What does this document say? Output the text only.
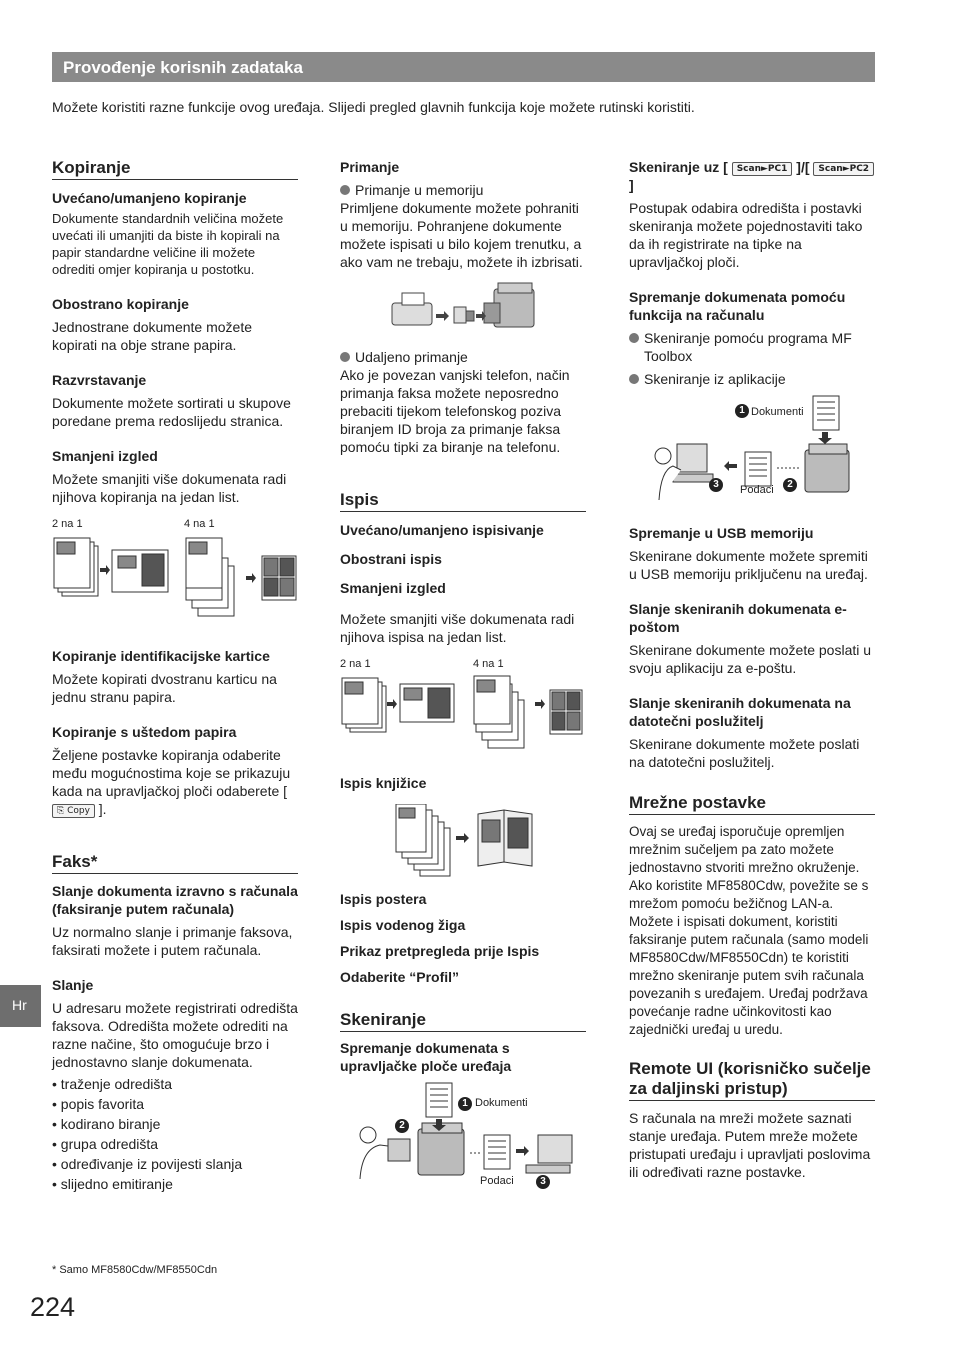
Provođenje korisnih zadataka
Možete koristiti razne funkcije ovog uređaja. Slijedi pregled glavnih funkcija koje možete rutinski koristiti.
Kopiranje
Uvećano/umanjeno kopiranje
Dokumente standardnih veličina možete uvećati ili umanjiti da biste ih kopirali na papir standardne veličine ili možete odrediti omjer kopiranja u postotku.
Obostrano kopiranje
Jednostrane dokumente možete kopirati na obje strane papira.
Razvrstavanje
Dokumente možete sortirati u skupove poredane prema redoslijedu stranica.
Smanjeni izgled
Možete smanjiti više dokumenata radi njihova kopiranja na jedan list.
2 na 1	4 na 1
Kopiranje identifikacijske kartice
Možete kopirati dvostranu karticu na jednu stranu papira.
Kopiranje s uštedom papira
Željene postavke kopiranja odaberite među mogućnostima koje se prikazuju kada na upravljačkoj ploči odaberete [ ⎘ Copy ].
Faks*
Slanje dokumenta izravno s računala (faksiranje putem računala)
Uz normalno slanje i primanje faksova, faksirati možete i putem računala.
Slanje
U adresaru možete registrirati odredišta faksova. Odredišta možete odrediti na razne načine, što omogućuje brzo i jednostavno slanje dokumenata.
• traženje odredišta
• popis favorita
• kodirano biranje
• grupa odredišta
• određivanje iz povijesti slanja
• slijedno emitiranje
Primanje
Primanje u memoriju
Primljene dokumente možete pohraniti u memoriju. Pohranjene dokumente možete ispisati u bilo kojem trenutku, a ako vam ne trebaju, možete ih izbrisati.
Udaljeno primanje
Ako je povezan vanjski telefon, način primanja faksa možete neposredno prebaciti tijekom telefonskog poziva biranjem ID broja za primanje faksa pomoću tipki za biranje na telefonu.
Ispis
Uvećano/umanjeno ispisivanje
Obostrani ispis
Smanjeni izgled
Možete smanjiti više dokumenata radi njihova ispisa na jedan list.
2 na 1	4 na 1
Ispis knjižice
Ispis postera
Ispis vodenog žiga
Prikaz pretpregleda prije Ispis
Odaberite “Profil”
Skeniranje
Spremanje dokumenata s upravljačke ploče uređaja
1 Dokumenti
2
Podaci	3
Skeniranje uz [ Scan►PC1 ]/[ Scan►PC2 ]
Postupak odabira odredišta i postavki skeniranja možete pojednostaviti tako da ih registrirate na tipke na upravljačkoj ploči.
Spremanje dokumenata pomoću funkcija na računalu
Skeniranje pomoću programa MF Toolbox
Skeniranje iz aplikacije
1 Dokumenti
2
3	Podaci
Spremanje u USB memoriju
Skenirane dokumente možete spremiti u USB memoriju priključenu na uređaj.
Slanje skeniranih dokumenata e-poštom
Skenirane dokumente možete poslati u svoju aplikaciju za e-poštu.
Slanje skeniranih dokumenata na datotečni poslužitelj
Skenirane dokumente možete poslati na datotečni poslužitelj.
Mrežne postavke
Ovaj se uređaj isporučuje opremljen mrežnim sučeljem pa zato možete jednostavno stvoriti mrežno okruženje. Ako koristite MF8580Cdw, povežite se s mrežom pomoću bežičnog LAN-a. Možete i ispisati dokument, koristiti faksiranje putem računala (samo modeli MF8580Cdw/MF8550Cdn) te koristiti mrežno skeniranje putem svih računala povezanih s uređajem. Uređaj podržava povećanje radne učinkovitosti kao zajednički uređaj u uredu.
Remote UI (korisničko sučelje za daljinski pristup)
S računala na mreži možete saznati stanje uređaja. Putem mreže možete pristupati uređaju i upravljati poslovima ili određivati razne postavke.
Hr
* Samo MF8580Cdw/MF8550Cdn
224
